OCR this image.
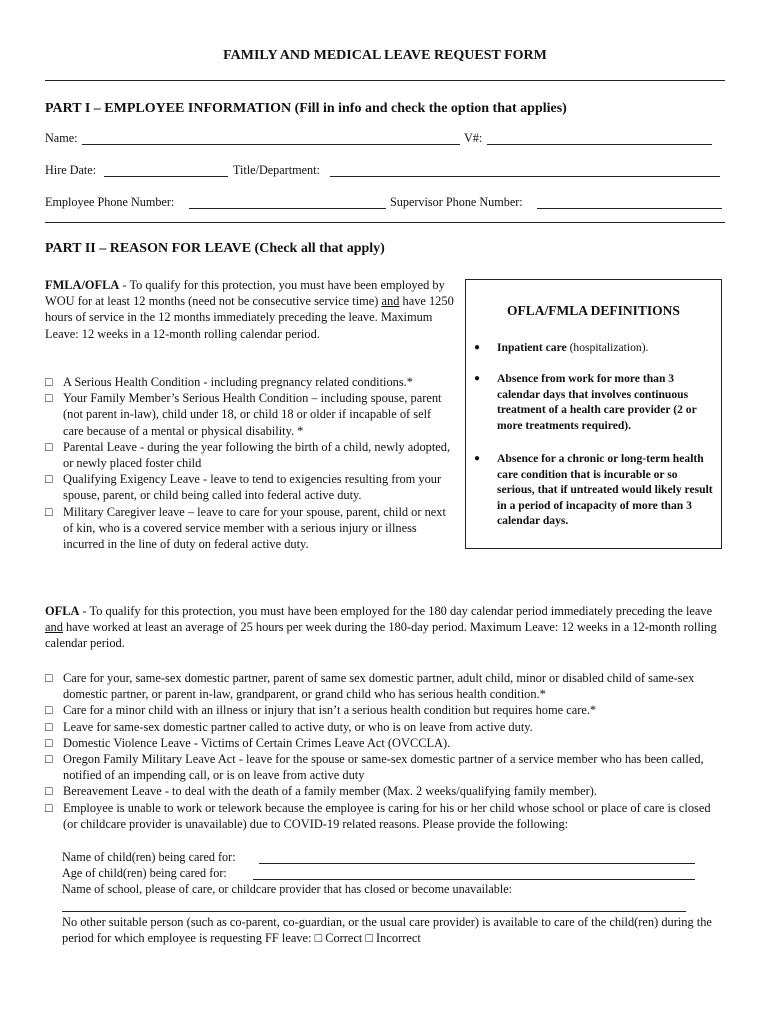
FAMILY AND MEDICAL LEAVE REQUEST FORM
PART I – EMPLOYEE INFORMATION (Fill in info and check the option that applies)
Name:	V#:
Hire Date:	Title/Department:
Employee Phone Number:	Supervisor Phone Number:
PART II – REASON FOR LEAVE (Check all that apply)

FMLA/OFLA - To qualify for this protection, you must have been employed by WOU for at least 12 months (need not be consecutive service time) and have 1250 hours of service in the 12 months immediately preceding the leave. Maximum Leave: 12 weeks in a 12-month rolling calendar period.

□ A Serious Health Condition - including pregnancy related conditions.*
□ Your Family Member’s Serious Health Condition – including spouse, parent (not parent in-law), child under 18, or child 18 or older if incapable of self care because of a mental or physical disability. *
□ Parental Leave - during the year following the birth of a child, newly adopted, or newly placed foster child
□ Qualifying Exigency Leave - leave to tend to exigencies resulting from your spouse, parent, or child being called into federal active duty.
□ Military Caregiver leave – leave to care for your spouse, parent, child or next of kin, who is a covered service member with a serious injury or illness incurred in the line of duty on federal active duty.
OFLA/FMLA DEFINITIONS
●	Inpatient care (hospitalization).
●	Absence from work for more than 3 calendar days that involves continuous treatment of a health care provider (2 or more treatments required).
●	Absence for a chronic or long-term health care condition that is incurable or so serious, that if untreated would likely result in a period of incapacity of more than 3 calendar days.

OFLA - To qualify for this protection, you must have been employed for the 180 day calendar period immediately preceding the leave and have worked at least an average of 25 hours per week during the 180-day period. Maximum Leave: 12 weeks in a 12-month rolling calendar period.

□ Care for your, same-sex domestic partner, parent of same sex domestic partner, adult child, minor or disabled child of same-sex domestic partner, or parent in-law, grandparent, or grand child who has serious health condition.*
□ Care for a minor child with an illness or injury that isn’t a serious health condition but requires home care.*
□ Leave for same-sex domestic partner called to active duty, or who is on leave from active duty.
□ Domestic Violence Leave - Victims of Certain Crimes Leave Act (OVCCLA).
□ Oregon Family Military Leave Act - leave for the spouse or same-sex domestic partner of a service member who has been called, notified of an impending call, or is on leave from active duty
□ Bereavement Leave - to deal with the death of a family member (Max. 2 weeks/qualifying family member).
□ Employee is unable to work or telework because the employee is caring for his or her child whose school or place of care is closed (or childcare provider is unavailable) due to COVID-19 related reasons. Please provide the following:
Name of child(ren) being cared for:
Age of child(ren) being cared for:
Name of school, please of care, or childcare provider that has closed or become unavailable:
No other suitable person (such as co-parent, co-guardian, or the usual care provider) is available to care of the child(ren) during the period for which employee is requesting FF leave: □ Correct □ Incorrect
